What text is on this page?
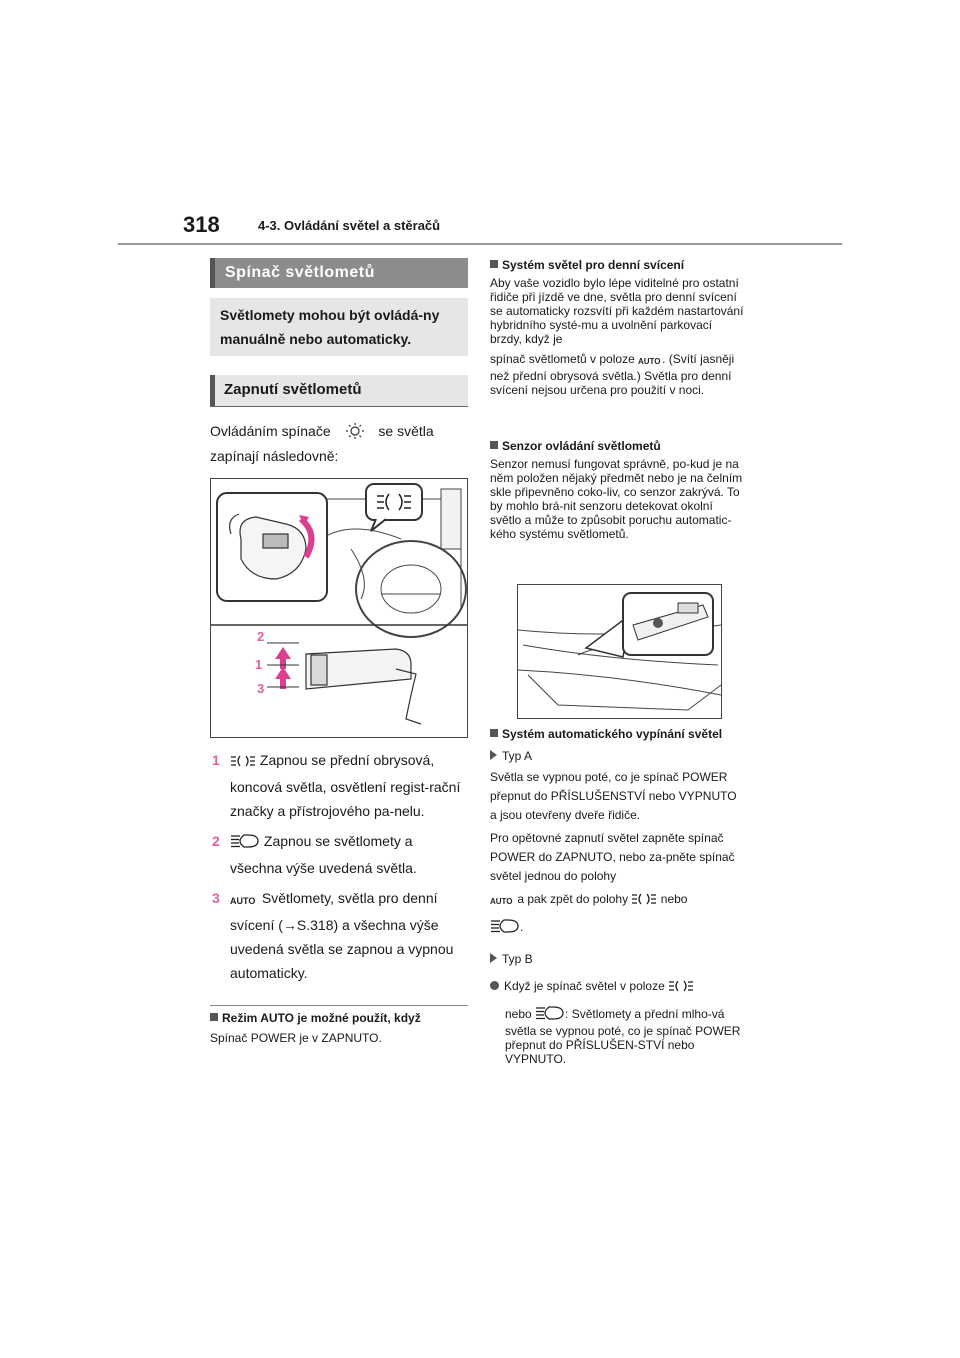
318	4-3. Ovládání světel a stěračů
Spínač světlometů
Světlomety mohou být ovládá-ny manuálně nebo automaticky.
Zapnutí světlometů
Ovládáním spínače	se světla zapínají následovně:
2
1
3
1	Zapnou se přední obrysová, koncová světla, osvětlení regist-rační značky a přístrojového pa-nelu.
2	Zapnou se světlomety a všechna výše uvedená světla.
3 AUTO Světlomety, světla pro denní svícení (→S.318) a všechna výše uvedená světla se zapnou a vypnou automaticky.
Režim AUTO je možné použít, když
Spínač POWER je v ZAPNUTO.
Systém světel pro denní svícení
Aby vaše vozidlo bylo lépe viditelné pro ostatní řidiče při jízdě ve dne, světla pro denní svícení se automaticky rozsvítí při každém nastartování hybridního systé-mu a uvolnění parkovací brzdy, když je
spínač světlometů v poloze AUTO . (Svítí jasněji než přední obrysová světla.) Světla pro denní svícení nejsou určena pro použití v noci.
Senzor ovládání světlometů
Senzor nemusí fungovat správně, po-kud je na něm položen nějaký předmět nebo je na čelním skle připevněno coko-liv, co senzor zakrývá. To by mohlo brá-nit senzoru detekovat okolní světlo a může to způsobit poruchu automatic-kého systému světlometů.
Systém automatického vypínání světel
Typ A
Světla se vypnou poté, co je spínač POWER přepnut do PŘÍSLUŠENSTVÍ nebo VYPNUTO a jsou otevřeny dveře řidiče.
Pro opětovné zapnutí světel zapněte spínač POWER do ZAPNUTO, nebo za-pněte spínač světel jednou do polohy
AUTO a pak zpět do polohy	nebo
.
Typ B
Když je spínač světel v poloze
nebo	: Světlomety a přední mlho-vá světla se vypnou poté, co je spínač POWER přepnut do PŘÍSLUŠEN-STVÍ nebo VYPNUTO.
